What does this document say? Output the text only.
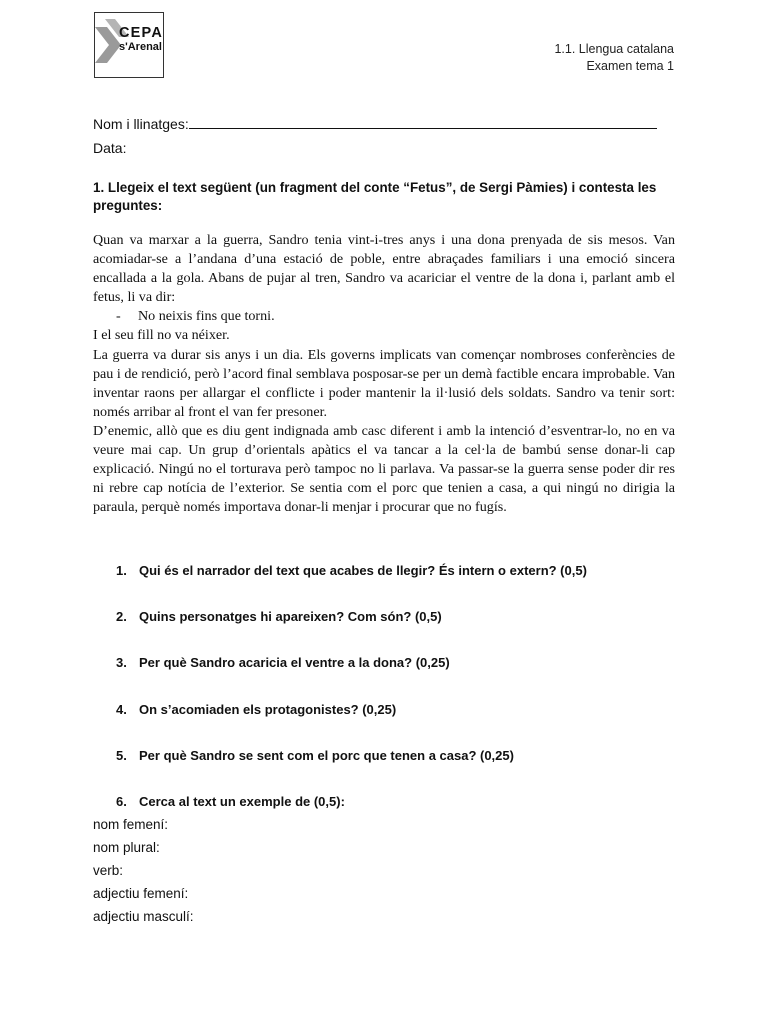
CEPA
s'Arenal	1.1. Llengua catalana
Examen tema 1
Nom i llinatges:
Data:
1. Llegeix el text següent (un fragment del conte “Fetus”, de Sergi Pàmies) i contesta les preguntes:

Quan va marxar a la guerra, Sandro tenia vint-i-tres anys i una dona prenyada de sis mesos. Van acomiadar-se a l’andana d’una estació de poble, entre abraçades familiars i una emoció sincera encallada a la gola. Abans de pujar al tren, Sandro va acariciar el ventre de la dona i, parlant amb el fetus, li va dir:

- No neixis fins que torni.

I el seu fill no va néixer.

La guerra va durar sis anys i un dia. Els governs implicats van començar nombroses conferències de pau i de rendició, però l’acord final semblava posposar-se per un demà factible encara improbable. Van inventar raons per allargar el conflicte i poder mantenir la il·lusió dels soldats. Sandro va tenir sort: només arribar al front el van fer presoner.

D’enemic, allò que es diu gent indignada amb casc diferent i amb la intenció d’esventrar-lo, no en va veure mai cap. Un grup d’orientals apàtics el va tancar a la cel·la de bambú sense donar-li cap explicació. Ningú no el torturava però tampoc no li parlava. Va passar-se la guerra sense poder dir res ni rebre cap notícia de l’exterior. Se sentia com el porc que tenien a casa, a qui ningú no dirigia la paraula, perquè només importava donar-li menjar i procurar que no fugís.

1. Qui és el narrador del text que acabes de llegir? És intern o extern? (0,5)
2. Quins personatges hi apareixen? Com són? (0,5)
3. Per què Sandro acaricia el ventre a la dona? (0,25)
4. On s’acomiaden els protagonistes? (0,25)
5. Per què Sandro se sent com el porc que tenen a casa? (0,25)
6. Cerca al text un exemple de (0,5):
nom femení:
nom plural:
verb:
adjectiu femení:
adjectiu masculí:
